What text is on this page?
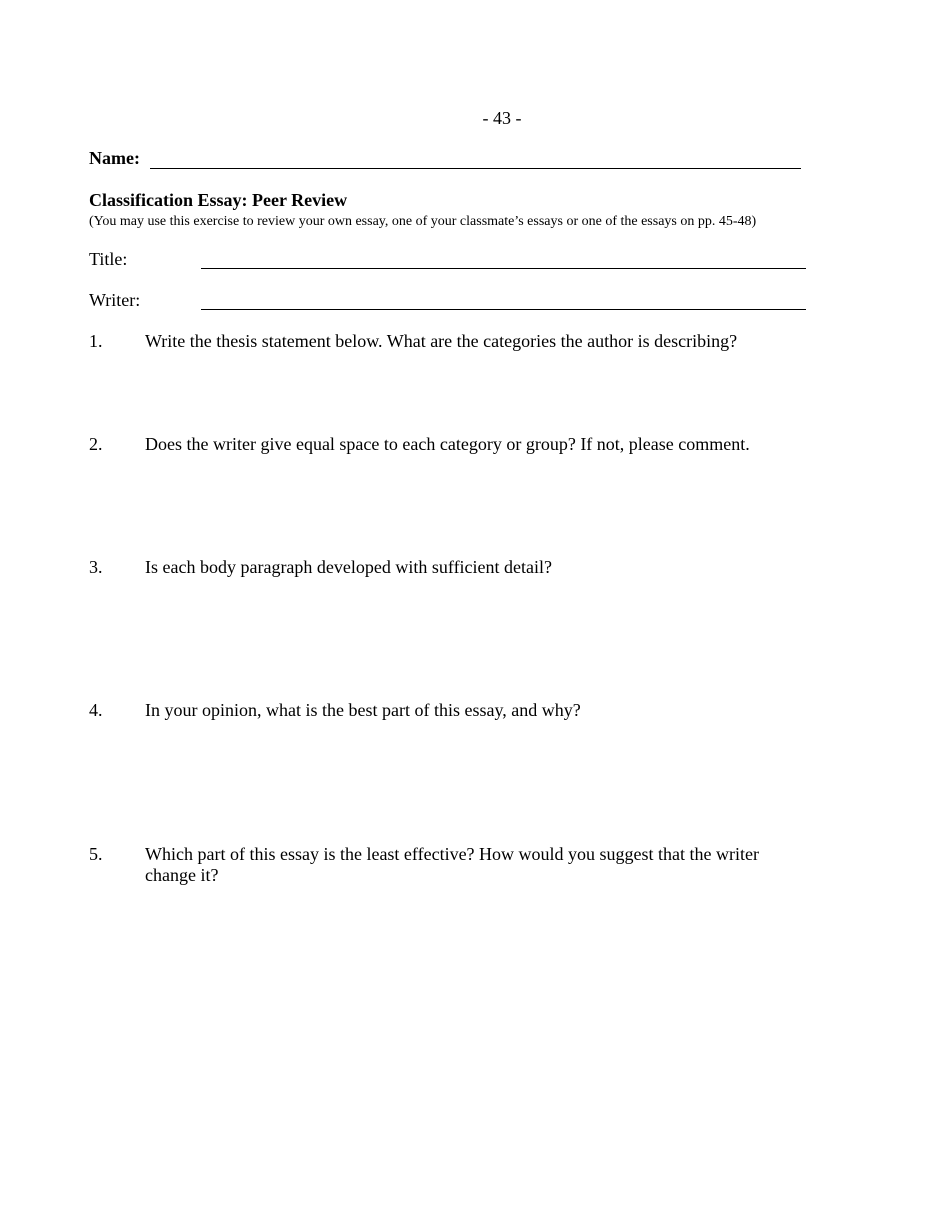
- 43 -
Name:
Classification Essay: Peer Review
(You may use this exercise to review your own essay, one of your classmate’s essays or one of the essays on pp. 45-48)
Title:
Writer:
1. Write the thesis statement below. What are the categories the author is describing?
2. Does the writer give equal space to each category or group? If not, please comment.
3. Is each body paragraph developed with sufficient detail?
4. In your opinion, what is the best part of this essay, and why?
5. Which part of this essay is the least effective? How would you suggest that the writer change it?
